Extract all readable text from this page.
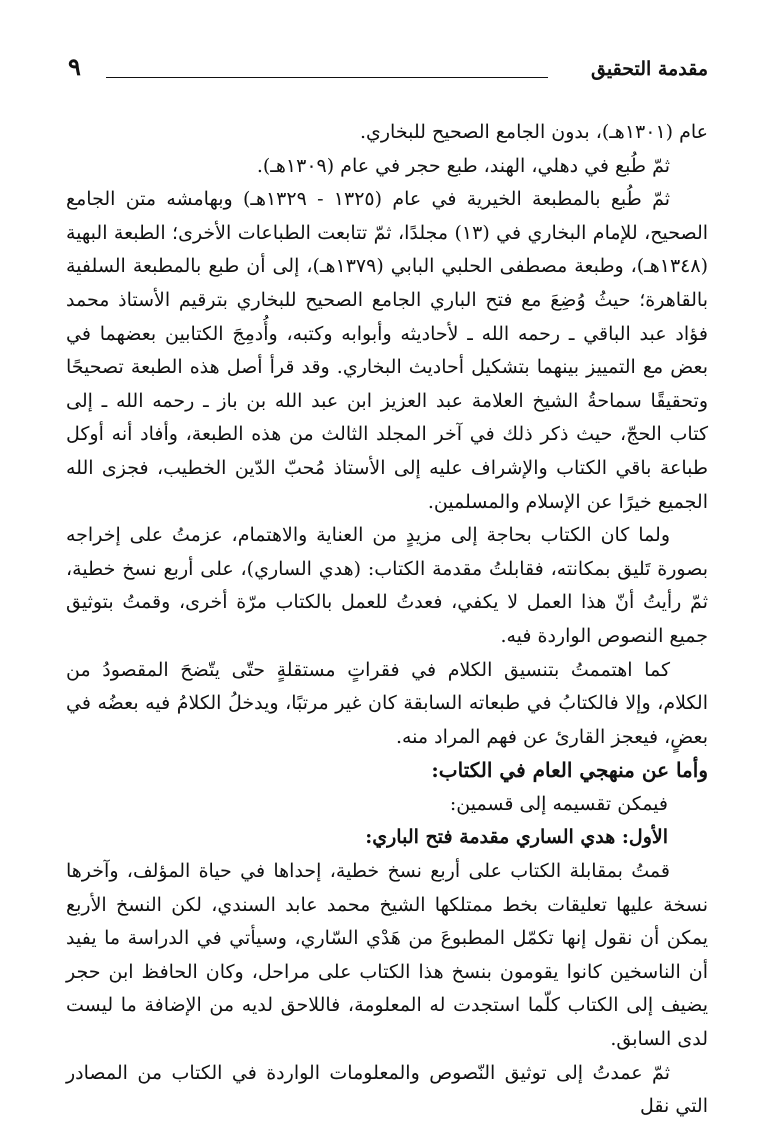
مقدمة التحقيق
٩

عام (١٣٠١هـ)، بدون الجامع الصحيح للبخاري.

ثمّ طُبع في دهلي، الهند، طبع حجر في عام (١٣٠٩هـ).

ثمّ طُبع بالمطبعة الخيرية في عام (١٣٢٥ - ١٣٢٩هـ) وبهامشه متن الجامع الصحيح، للإمام البخاري في (١٣) مجلدًا، ثمّ تتابعت الطباعات الأخرى؛ الطبعة البهية (١٣٤٨هـ)، وطبعة مصطفى الحلبي البابي (١٣٧٩هـ)، إلى أن طبع بالمطبعة السلفية بالقاهرة؛ حيثُ وُضِعَ مع فتح الباري الجامع الصحيح للبخاري بترقيم الأستاذ محمد فؤاد عبد الباقي ـ رحمه الله ـ لأحاديثه وأبوابه وكتبه، وأُدمِجَ الكتابين بعضهما في بعض مع التمييز بينهما بتشكيل أحاديث البخاري. وقد قرأ أصل هذه الطبعة تصحيحًا وتحقيقًا سماحةُ الشيخ العلامة عبد العزيز ابن عبد الله بن باز ـ رحمه الله ـ إلى كتاب الحجّ، حيث ذكر ذلك في آخر المجلد الثالث من هذه الطبعة، وأفاد أنه أوكل طباعة باقي الكتاب والإشراف عليه إلى الأستاذ مُحبّ الدّين الخطيب، فجزى الله الجميع خيرًا عن الإسلام والمسلمين.

ولما كان الكتاب بحاجة إلى مزيدٍ من العناية والاهتمام، عزمتُ على إخراجه بصورة تَليق بمكانته، فقابلتُ مقدمة الكتاب: (هدي الساري)، على أربع نسخ خطية، ثمّ رأيتُ أنّ هذا العمل لا يكفي، فعدتُ للعمل بالكتاب مرّة أخرى، وقمتُ بتوثيق جميع النصوص الواردة فيه.

كما اهتممتُ بتنسيق الكلام في فقراتٍ مستقلةٍ حتّى يتّضحَ المقصودُ من الكلام، وإلا فالكتابُ في طبعاته السابقة كان غير مرتبًا، ويدخلُ الكلامُ فيه بعضُه في بعضٍ، فيعجز القارئ عن فهم المراد منه.

وأما عن منهجي العام في الكتاب:

فيمكن تقسيمه إلى قسمين:

الأول: هدي الساري مقدمة فتح الباري:

قمتُ بمقابلة الكتاب على أربع نسخ خطية، إحداها في حياة المؤلف، وآخرها نسخة عليها تعليقات بخط ممتلكها الشيخ محمد عابد السندي، لكن النسخ الأربع يمكن أن نقول إنها تكمّل المطبوعَ من هَدْي السّاري، وسيأتي في الدراسة ما يفيد أن الناسخين كانوا يقومون بنسخ هذا الكتاب على مراحل، وكان الحافظ ابن حجر يضيف إلى الكتاب كلّما استجدت له المعلومة، فاللاحق لديه من الإضافة ما ليست لدى السابق.

ثمّ عمدتُ إلى توثيق النّصوص والمعلومات الواردة في الكتاب من المصادر التي نقل
